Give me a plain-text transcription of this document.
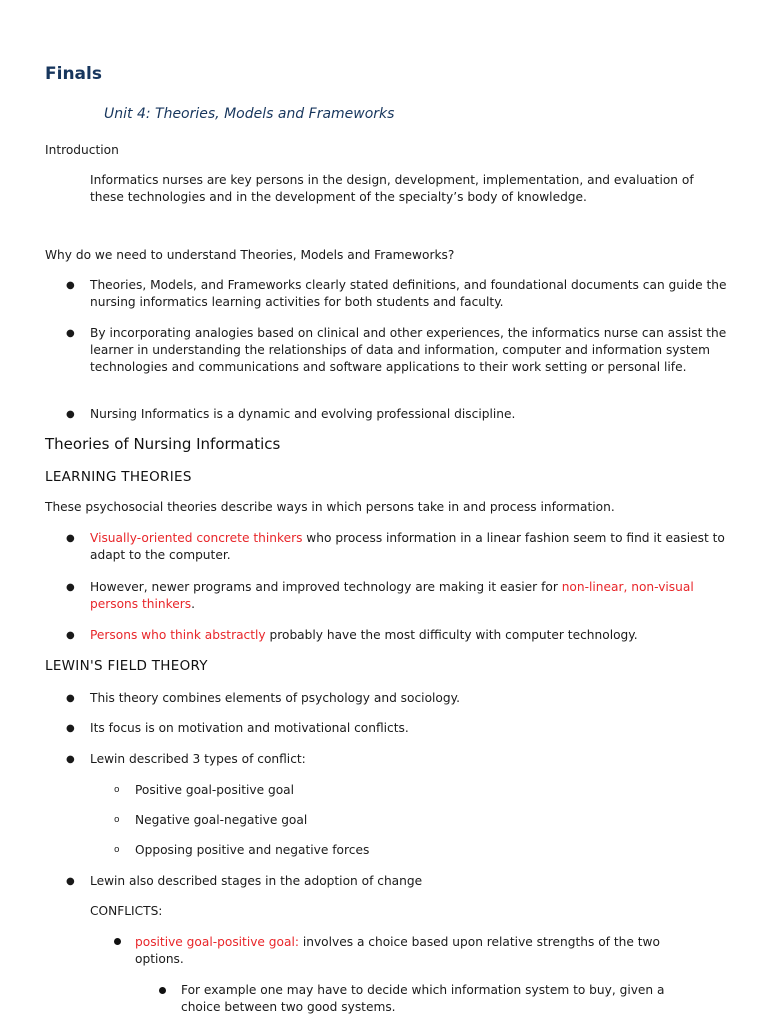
Finals
Unit 4: Theories, Models and Frameworks
Introduction
Informatics nurses are key persons in the design, development, implementation, and evaluation of these technologies and in the development of the specialty’s body of knowledge.
Why do we need to understand Theories, Models and Frameworks?
● Theories, Models, and Frameworks clearly stated definitions, and foundational documents can guide the nursing informatics learning activities for both students and faculty.
● By incorporating analogies based on clinical and other experiences, the informatics nurse can assist the learner in understanding the relationships of data and information, computer and information system technologies and communications and software applications to their work setting or personal life.
● Nursing Informatics is a dynamic and evolving professional discipline.
Theories of Nursing Informatics
LEARNING THEORIES
These psychosocial theories describe ways in which persons take in and process information.
● Visually-oriented concrete thinkers who process information in a linear fashion seem to find it easiest to adapt to the computer.
● However, newer programs and improved technology are making it easier for non-linear, non-visual persons thinkers.
● Persons who think abstractly probably have the most difficulty with computer technology.
LEWIN'S FIELD THEORY
● This theory combines elements of psychology and sociology.
● Its focus is on motivation and motivational conflicts.
● Lewin described 3 types of conflict:
o Positive goal-positive goal
o Negative goal-negative goal
o Opposing positive and negative forces
● Lewin also described stages in the adoption of change
CONFLICTS:
positive goal-positive goal: involves a choice based upon relative strengths of the two options.
For example one may have to decide which information system to buy, given a choice between two good systems.
